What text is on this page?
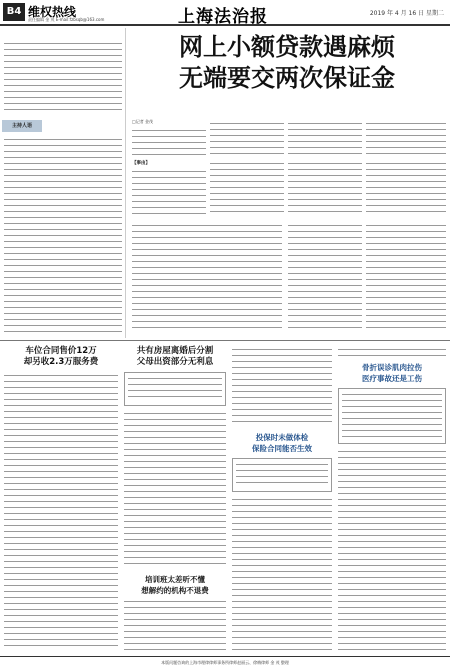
B4 维权热线
责任编辑 金 茂 E-mail:fzbsqb@163.com	上海法治报	2019 年 4 月 16 日 星期二
主持人语
网上小额贷款遇麻烦
无端要交两次保证金
□记者 金茂
【事由】
车位合同售价12万
却另收2.3万服务费
共有房屋离婚后分割
父母出资部分无利息
培训班太差听不懂
想解约的机构不退费
投保时未做体检
保险合同能否生效
骨折误诊肌肉拉伤
医疗事故还是工伤
本版问题咨询的上海市理律律师事务所律师赵丽云、徐梅律师 金 茂 整理
